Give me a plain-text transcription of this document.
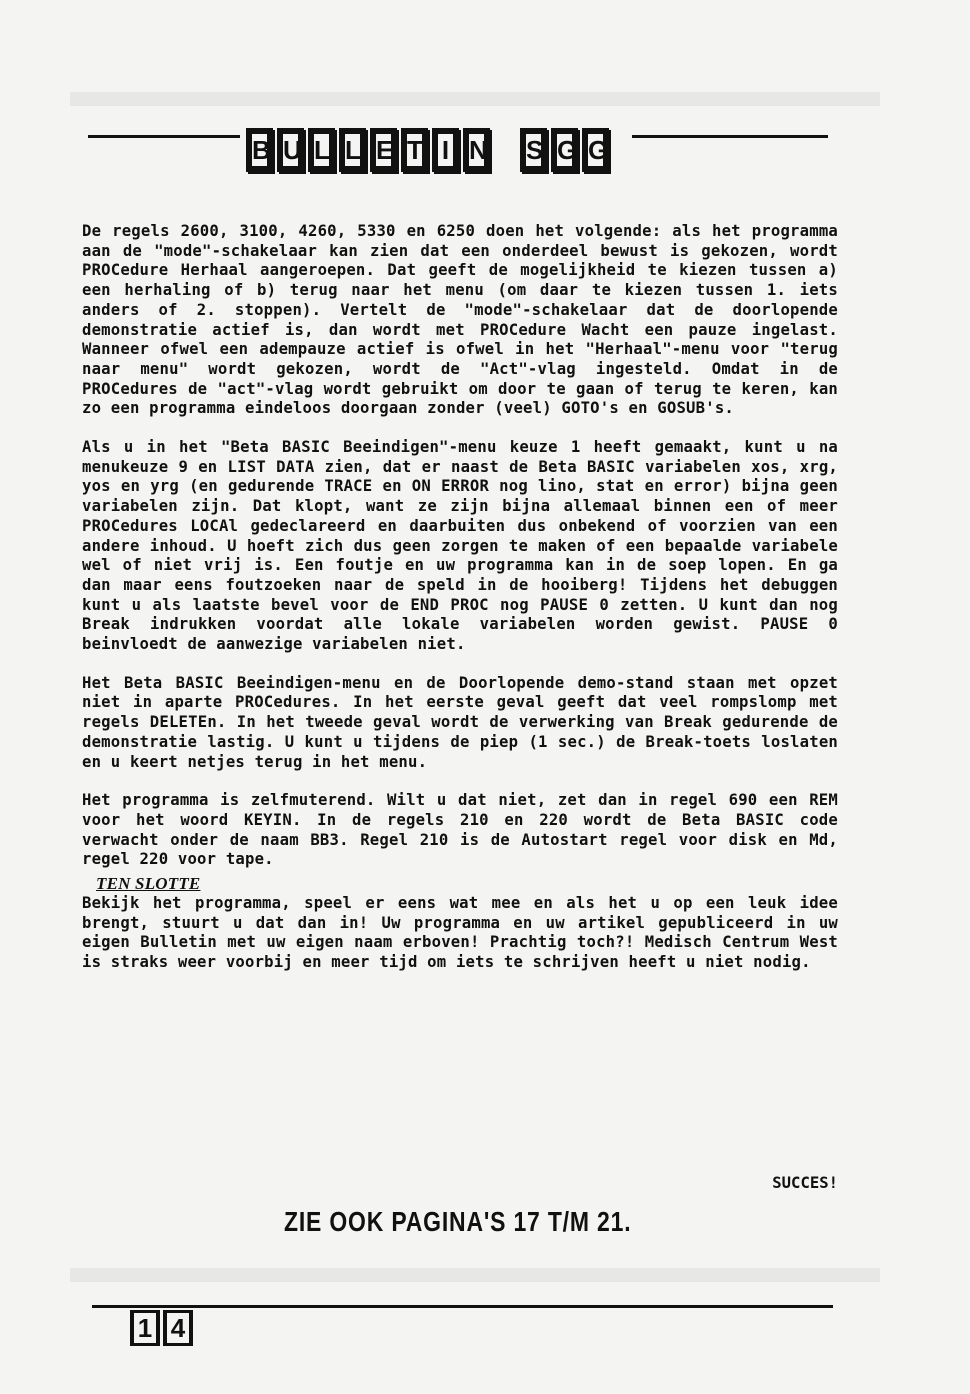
B U L L E T I N S G G

De regels 2600, 3100, 4260, 5330 en 6250 doen het volgende: als het programma aan de "mode"-schakelaar kan zien dat een onderdeel bewust is gekozen, wordt PROCedure Herhaal aangeroepen. Dat geeft de mogelijkheid te kiezen tussen a) een herhaling of b) terug naar het menu (om daar te kiezen tussen 1. iets anders of 2. stoppen). Vertelt de "mode"-schakelaar dat de doorlopende demonstratie actief is, dan wordt met PROCedure Wacht een pauze ingelast. Wanneer ofwel een adempauze actief is ofwel in het "Herhaal"-menu voor "terug naar menu" wordt gekozen, wordt de "Act"-vlag ingesteld. Omdat in de PROCedures de "act"-vlag wordt gebruikt om door te gaan of terug te keren, kan zo een programma eindeloos doorgaan zonder (veel) GOTO's en GOSUB's.

Als u in het "Beta BASIC Beeindigen"-menu keuze 1 heeft gemaakt, kunt u na menukeuze 9 en LIST DATA zien, dat er naast de Beta BASIC variabelen xos, xrg, yos en yrg (en gedurende TRACE en ON ERROR nog lino, stat en error) bijna geen variabelen zijn. Dat klopt, want ze zijn bijna allemaal binnen een of meer PROCedures LOCAl gedeclareerd en daarbuiten dus onbekend of voorzien van een andere inhoud. U hoeft zich dus geen zorgen te maken of een bepaalde variabele wel of niet vrij is. Een foutje en uw programma kan in de soep lopen. En ga dan maar eens foutzoeken naar de speld in de hooiberg! Tijdens het debuggen kunt u als laatste bevel voor de END PROC nog PAUSE 0 zetten. U kunt dan nog Break indrukken voordat alle lokale variabelen worden gewist. PAUSE 0 beinvloedt de aanwezige variabelen niet.

Het Beta BASIC Beeindigen-menu en de Doorlopende demo-stand staan met opzet niet in aparte PROCedures. In het eerste geval geeft dat veel rompslomp met regels DELETEn. In het tweede geval wordt de verwerking van Break gedurende de demonstratie lastig. U kunt u tijdens de piep (1 sec.) de Break-toets loslaten en u keert netjes terug in het menu.

Het programma is zelfmuterend. Wilt u dat niet, zet dan in regel 690 een REM voor het woord KEYIN. In de regels 210 en 220 wordt de Beta BASIC code verwacht onder de naam BB3. Regel 210 is de Autostart regel voor disk en Md, regel 220 voor tape.

TEN SLOTTE

Bekijk het programma, speel er eens wat mee en als het u op een leuk idee brengt, stuurt u dat dan in! Uw programma en uw artikel gepubliceerd in uw eigen Bulletin met uw eigen naam erboven! Prachtig toch?! Medisch Centrum West is straks weer voorbij en meer tijd om iets te schrijven heeft u niet nodig.

SUCCES!
ZIE OOK PAGINA'S 17 T/M 21.
1 4
